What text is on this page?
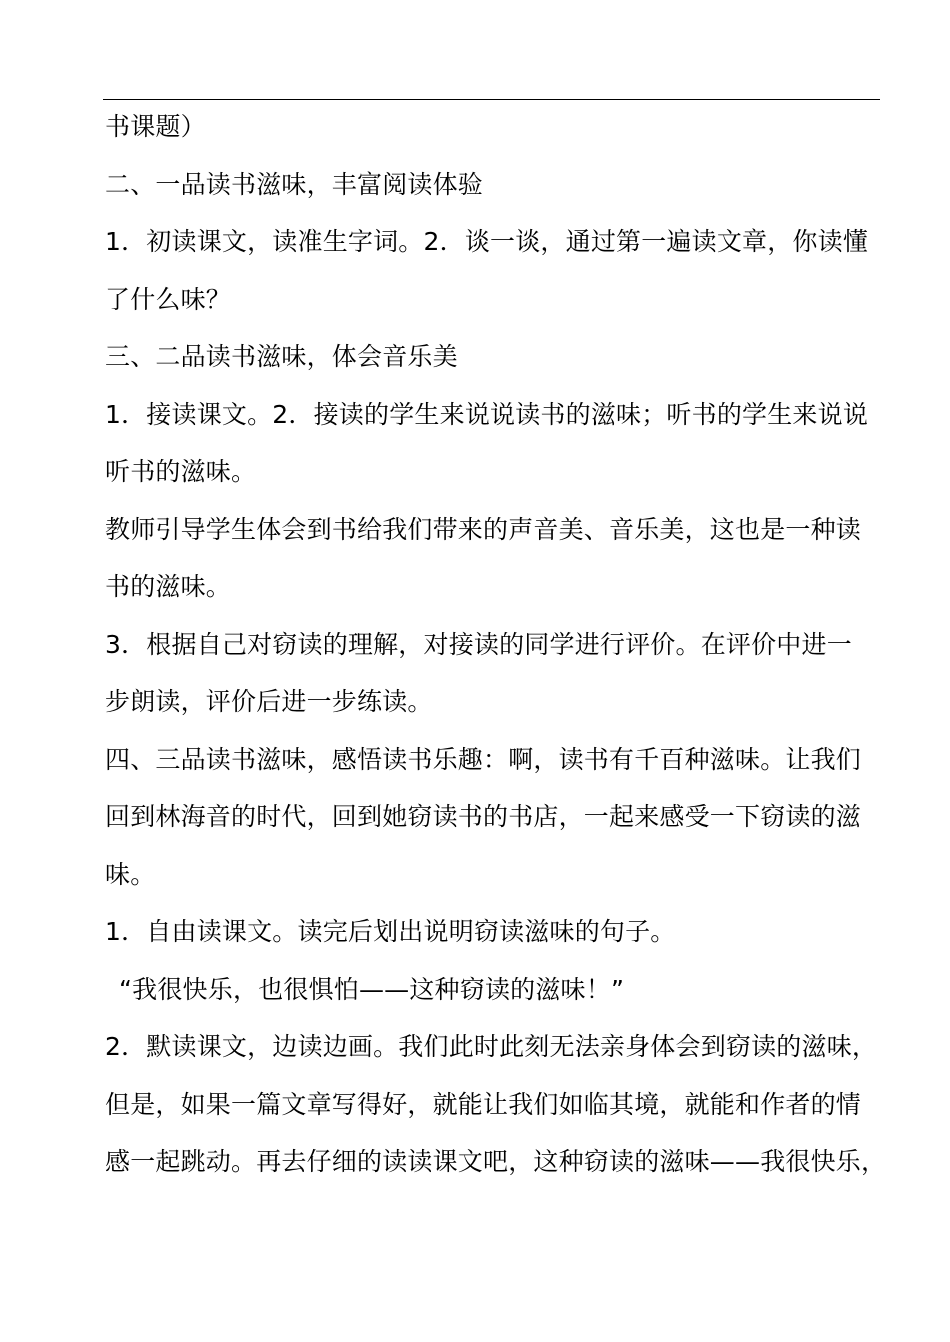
书课题）
二、一品读书滋味，丰富阅读体验
1．初读课文，读准生字词。2．谈一谈，通过第一遍读文章，你读懂
了什么味？
三、二品读书滋味，体会音乐美
1．接读课文。2．接读的学生来说说读书的滋味；听书的学生来说说
听书的滋味。
教师引导学生体会到书给我们带来的声音美、音乐美，这也是一种读
书的滋味。
3．根据自己对窃读的理解，对接读的同学进行评价。在评价中进一
步朗读，评价后进一步练读。
四、三品读书滋味，感悟读书乐趣：啊，读书有千百种滋味。让我们
回到林海音的时代，回到她窃读书的书店，一起来感受一下窃读的滋
味。
1．自由读课文。读完后划出说明窃读滋味的句子。
“我很快乐，也很惧怕——这种窃读的滋味！”
2．默读课文，边读边画。我们此时此刻无法亲身体会到窃读的滋味，
但是，如果一篇文章写得好，就能让我们如临其境，就能和作者的情
感一起跳动。再去仔细的读读课文吧，这种窃读的滋味——我很快乐，
